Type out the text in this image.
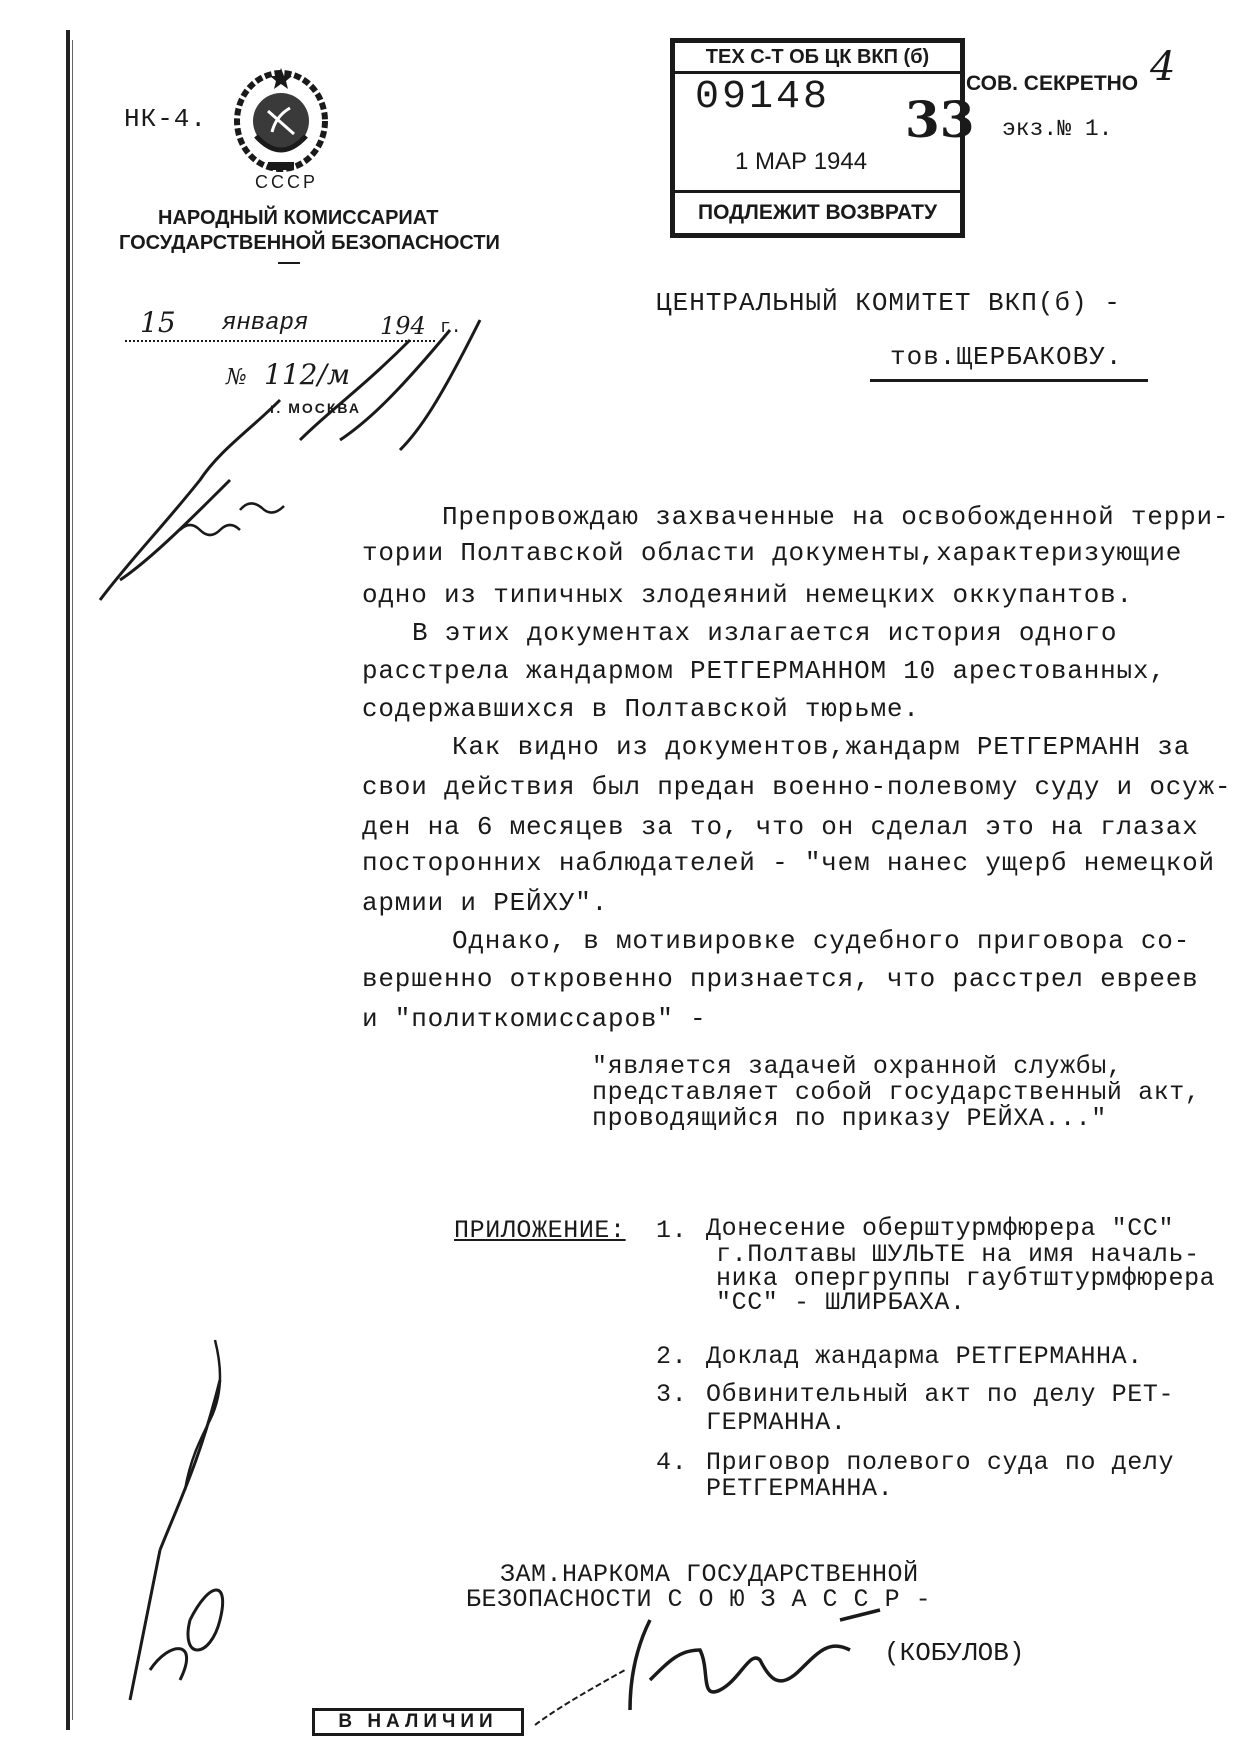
НК-4.
СССР
НАРОДНЫЙ КОМИССАРИАТ
ГОСУДАРСТВЕННОЙ БЕЗОПАСНОСТИ
15 января	194 г.
№ 112/м
г. МОСКВА
4
ТЕХ С-Т ОБ ЦК ВКП (б)
09148
1 МАР 1944
ПОДЛЕЖИТ ВОЗВРАТУ
33
СОВ. СЕКРЕТНО
экз.№ 1.
ЦЕНТРАЛЬНЫЙ КОМИТЕТ ВКП(б) -
тов.ЩЕРБАКОВУ.
Препровождаю захваченные на освобожденной терри-
тории Полтавской области документы,характеризующие
одно из типичных злодеяний немецких оккупантов.
В этих документах излагается история одного
расстрела жандармом РЕТГЕРМАННОМ 10 арестованных,
содержавшихся в Полтавской тюрьме.
Как видно из документов,жандарм РЕТГЕРМАНН за
свои действия был предан военно-полевому суду и осуж-
ден на 6 месяцев за то, что он сделал это на глазах
посторонних наблюдателей - "чем нанес ущерб немецкой
армии и РЕЙХУ".
Однако, в мотивировке судебного приговора со-
вершенно откровенно признается, что расстрел евреев
и "политкомиссаров" -
"является задачей охранной службы,
представляет собой государственный акт,
проводящийся по приказу РЕЙХА..."
ПРИЛОЖЕНИЕ: 1. Донесение оберштурмфюрера "СС"
г.Полтавы ШУЛЬТЕ на имя началь-
ника опергруппы гаубтштурмфюрера
"СС" - ШЛИРБАХА.
2. Доклад жандарма РЕТГЕРМАННА.
3. Обвинительный акт по делу РЕТ-
ГЕРМАННА.
4. Приговор полевого суда по делу
РЕТГЕРМАННА.
ЗАМ.НАРКОМА ГОСУДАРСТВЕННОЙ
БЕЗОПАСНОСТИ С О Ю З А С С Р -
(КОБУЛОВ)
В НАЛИЧИИ
